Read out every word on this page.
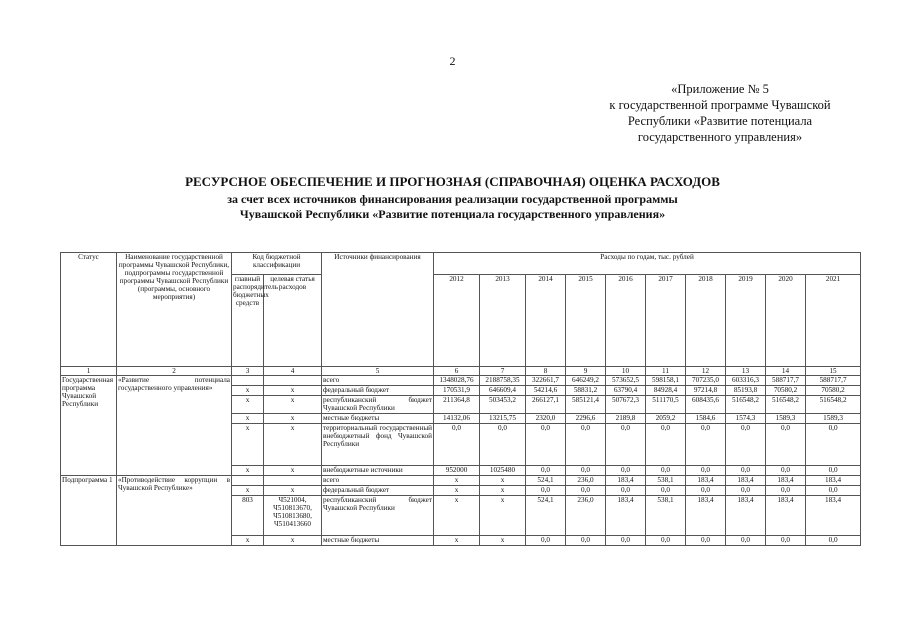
2
«Приложение № 5
к государственной программе Чувашской
Республики «Развитие потенциала
государственного управления»
РЕСУРСНОЕ ОБЕСПЕЧЕНИЕ И ПРОГНОЗНАЯ (СПРАВОЧНАЯ) ОЦЕНКА РАСХОДОВ
за счет всех источников финансирования реализации государственной программы
Чувашской Республики «Развитие потенциала государственного управления»
Статус	Наименование государственной программы Чувашской Республики, подпрограммы государственной программы Чувашской Республики (программы, основного мероприятия)	Код бюджетной классификации		Источники финансирования	Расходы по годам, тыс. рублей									
		главный распорядитель бюджетных средств	целевая статья расходов		2012	2013	2014	2015	2016	2017	2018	2019	2020	2021
1	2	3	4	5	6	7	8	9	10	11	12	13	14	15
Государственная программа Чувашской Республики	«Развитие потенциала государственного управления»			всего	1348028,76	2188758,35	322661,7	646249,2	573652,5	598158,1	707235,0	603316,3	588717,7	588717,7
		x	x	федеральный бюджет	170531,9	646609,4	54214,6	58831,2	63790,4	84928,4	97214,8	85193,8	70580,2	70580,2
		x	x	республиканский бюджет Чувашской Республики	211364,8	503453,2	266127,1	585121,4	507672,3	511170,5	608435,6	516548,2	516548,2	516548,2
		x	x	местные бюджеты	14132,06	13215,75	2320,0	2296,6	2189,8	2059,2	1584,6	1574,3	1589,3	1589,3
		x	x	территориальный государственный внебюджетный фонд Чувашской Республики	0,0	0,0	0,0	0,0	0,0	0,0	0,0	0,0	0,0	0,0
		x	x	внебюджетные источники	952000	1025480	0,0	0,0	0,0	0,0	0,0	0,0	0,0	0,0
Подпрограмма 1	«Противодействие коррупции в Чувашской Республике»			всего	x	x	524,1	236,0	183,4	538,1	183,4	183,4	183,4	183,4
		x	x	федеральный бюджет	x	x	0,0	0,0	0,0	0,0	0,0	0,0	0,0	0,0
		803	Ч521004, Ч510813670, Ч510813680, Ч510413660	республиканский бюджет Чувашской Республики	x	x	524,1	236,0	183,4	538,1	183,4	183,4	183,4	183,4
		x	x	местные бюджеты	x	x	0,0	0,0	0,0	0,0	0,0	0,0	0,0	0,0
